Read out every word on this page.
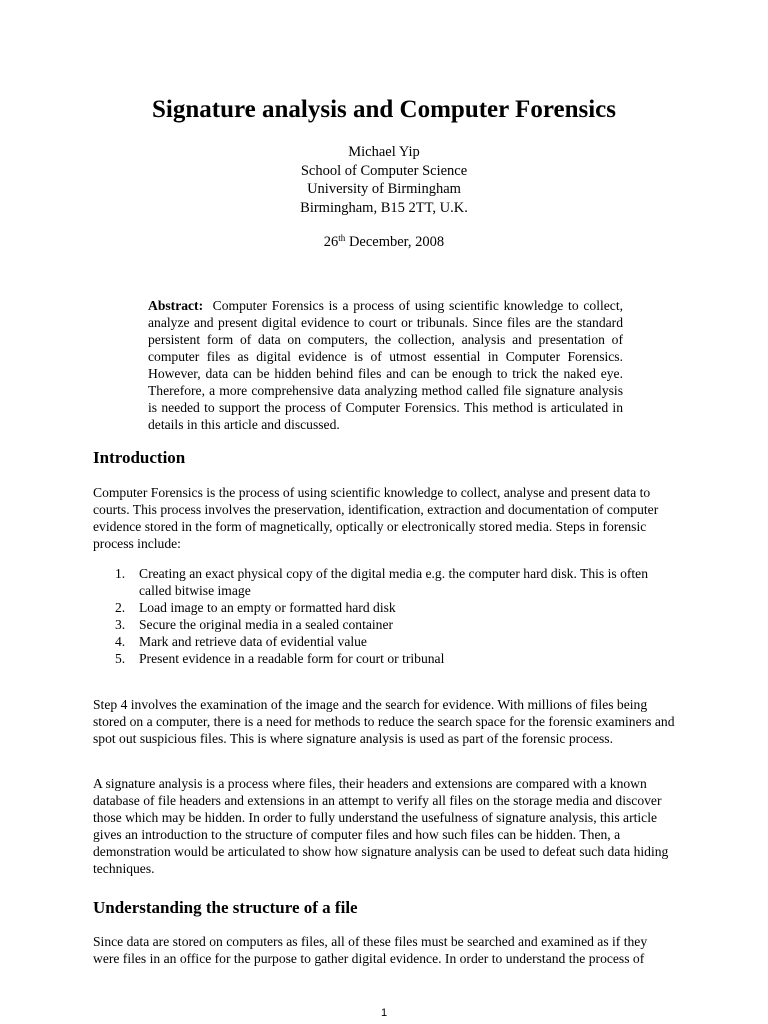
Signature analysis and Computer Forensics
Michael Yip
School of Computer Science
University of Birmingham
Birmingham, B15 2TT, U.K.
26th December, 2008

Abstract: Computer Forensics is a process of using scientific knowledge to collect, analyze and present digital evidence to court or tribunals. Since files are the standard persistent form of data on computers, the collection, analysis and presentation of computer files as digital evidence is of utmost essential in Computer Forensics. However, data can be hidden behind files and can be enough to trick the naked eye. Therefore, a more comprehensive data analyzing method called file signature analysis is needed to support the process of Computer Forensics. This method is articulated in details in this article and discussed.

Introduction

Computer Forensics is the process of using scientific knowledge to collect, analyse and present data to courts. This process involves the preservation, identification, extraction and documentation of computer evidence stored in the form of magnetically, optically or electronically stored media. Steps in forensic process include:

1. Creating an exact physical copy of the digital media e.g. the computer hard disk. This is often called bitwise image
2. Load image to an empty or formatted hard disk
3. Secure the original media in a sealed container
4. Mark and retrieve data of evidential value
5. Present evidence in a readable form for court or tribunal

Step 4 involves the examination of the image and the search for evidence. With millions of files being stored on a computer, there is a need for methods to reduce the search space for the forensic examiners and spot out suspicious files. This is where signature analysis is used as part of the forensic process.

A signature analysis is a process where files, their headers and extensions are compared with a known database of file headers and extensions in an attempt to verify all files on the storage media and discover those which may be hidden. In order to fully understand the usefulness of signature analysis, this article gives an introduction to the structure of computer files and how such files can be hidden. Then, a demonstration would be articulated to show how signature analysis can be used to defeat such data hiding techniques.

Understanding the structure of a file

Since data are stored on computers as files, all of these files must be searched and examined as if they were files in an office for the purpose to gather digital evidence. In order to understand the process of

1
